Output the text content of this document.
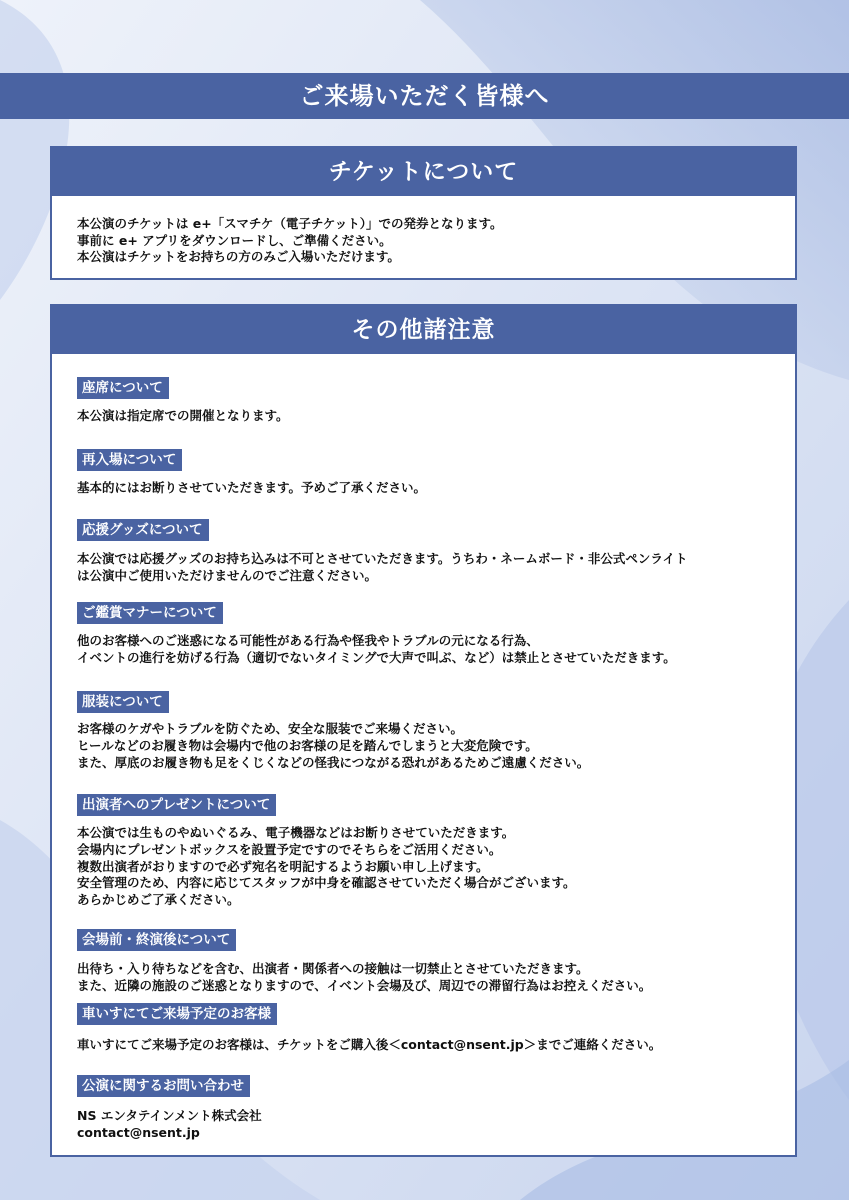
ご来場いただく皆様へ
チケットについて
本公演のチケットは e+「スマチケ（電子チケット）」での発券となります。
事前に e+ アプリをダウンロードし、ご準備ください。
本公演はチケットをお持ちの方のみご入場いただけます。
その他諸注意
座席について
本公演は指定席での開催となります。
再入場について
基本的にはお断りさせていただきます。予めご了承ください。
応援グッズについて
本公演では応援グッズのお持ち込みは不可とさせていただきます。うちわ・ネームボード・非公式ペンライト
は公演中ご使用いただけませんのでご注意ください。
ご鑑賞マナーについて
他のお客様へのご迷惑になる可能性がある行為や怪我やトラブルの元になる行為、
イベントの進行を妨げる行為（適切でないタイミングで大声で叫ぶ、など）は禁止とさせていただきます。
服装について
お客様のケガやトラブルを防ぐため、安全な服装でご来場ください。
ヒールなどのお履き物は会場内で他のお客様の足を踏んでしまうと大変危険です。
また、厚底のお履き物も足をくじくなどの怪我につながる恐れがあるためご遠慮ください。
出演者へのプレゼントについて
本公演では生ものやぬいぐるみ、電子機器などはお断りさせていただきます。
会場内にプレゼントボックスを設置予定ですのでそちらをご活用ください。
複数出演者がおりますので必ず宛名を明記するようお願い申し上げます。
安全管理のため、内容に応じてスタッフが中身を確認させていただく場合がございます。
あらかじめご了承ください。
会場前・終演後について
出待ち・入り待ちなどを含む、出演者・関係者への接触は一切禁止とさせていただきます。
また、近隣の施設のご迷惑となりますので、イベント会場及び、周辺での滞留行為はお控えください。
車いすにてご来場予定のお客様
車いすにてご来場予定のお客様は、チケットをご購入後＜contact@nsent.jp＞までご連絡ください。
公演に関するお問い合わせ
NS エンタテインメント株式会社
contact@nsent.jp
